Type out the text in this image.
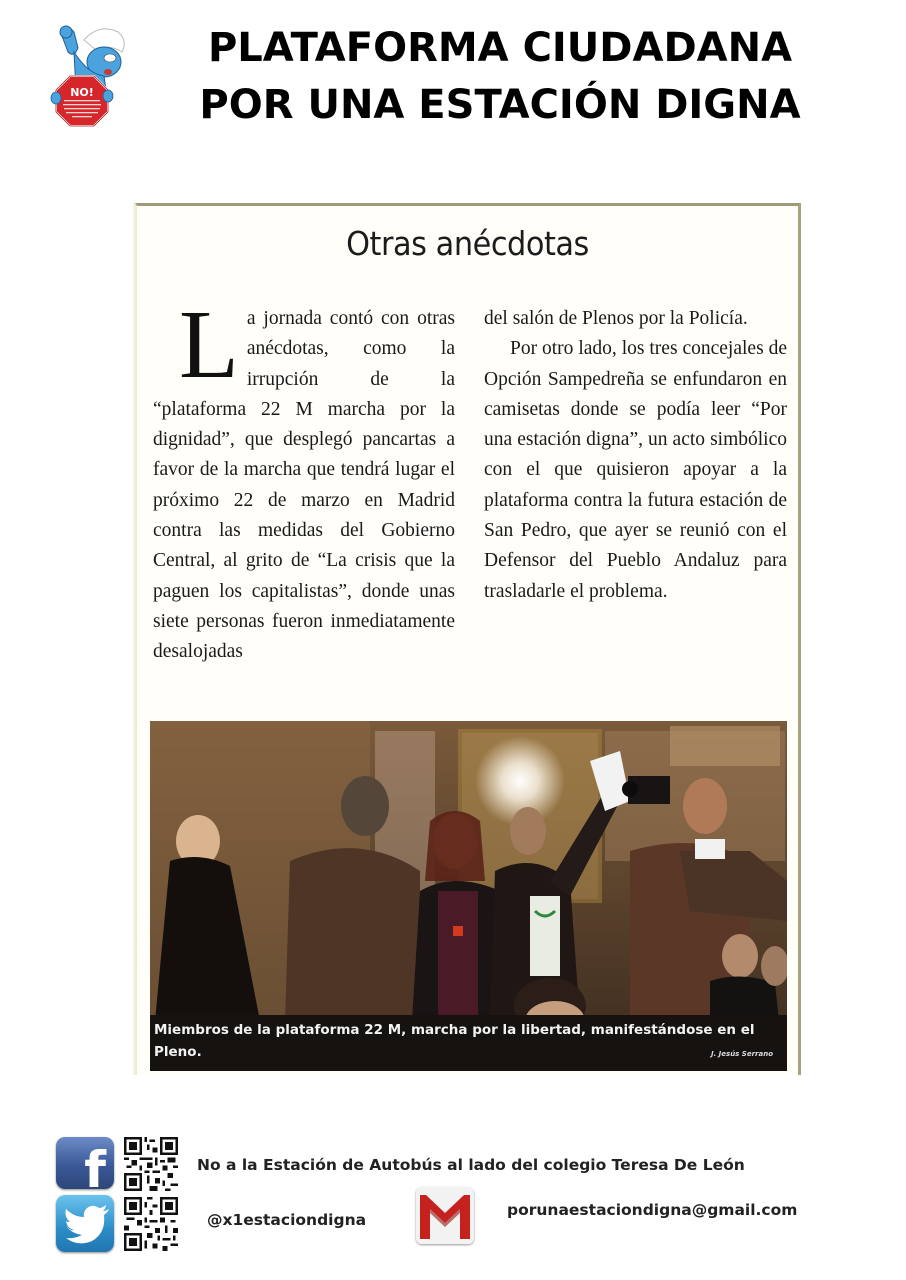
NO!
PLATAFORMA CIUDADANA
POR UNA ESTACIÓN DIGNA
Otras anécdotas
L a jornada contó con otras anécdotas, como la irrupción de la “plataforma 22 M marcha por la dignidad”, que desplegó pancartas a favor de la marcha que tendrá lugar el próximo 22 de marzo en Madrid contra las medidas del Gobierno Central, al grito de “La crisis que la paguen los capitalistas”, donde unas siete personas fueron inmediatamente desalojadas

del salón de Plenos por la Policía.

Por otro lado, los tres concejales de Opción Sampedreña se enfundaron en camisetas donde se podía leer “Por una estación digna”, un acto simbólico con el que quisieron apoyar a la plataforma contra la futura estación de San Pedro, que ayer se reunió con el Defensor del Pueblo Andaluz para trasladarle el problema.

Miembros de la plataforma 22 M, marcha por la libertad, manifestándose en el Pleno.	J. Jesús Serrano
f	No a la Estación de Autobús al lado del colegio Teresa De León
@x1estaciondigna
porunaestaciondigna@gmail.com
